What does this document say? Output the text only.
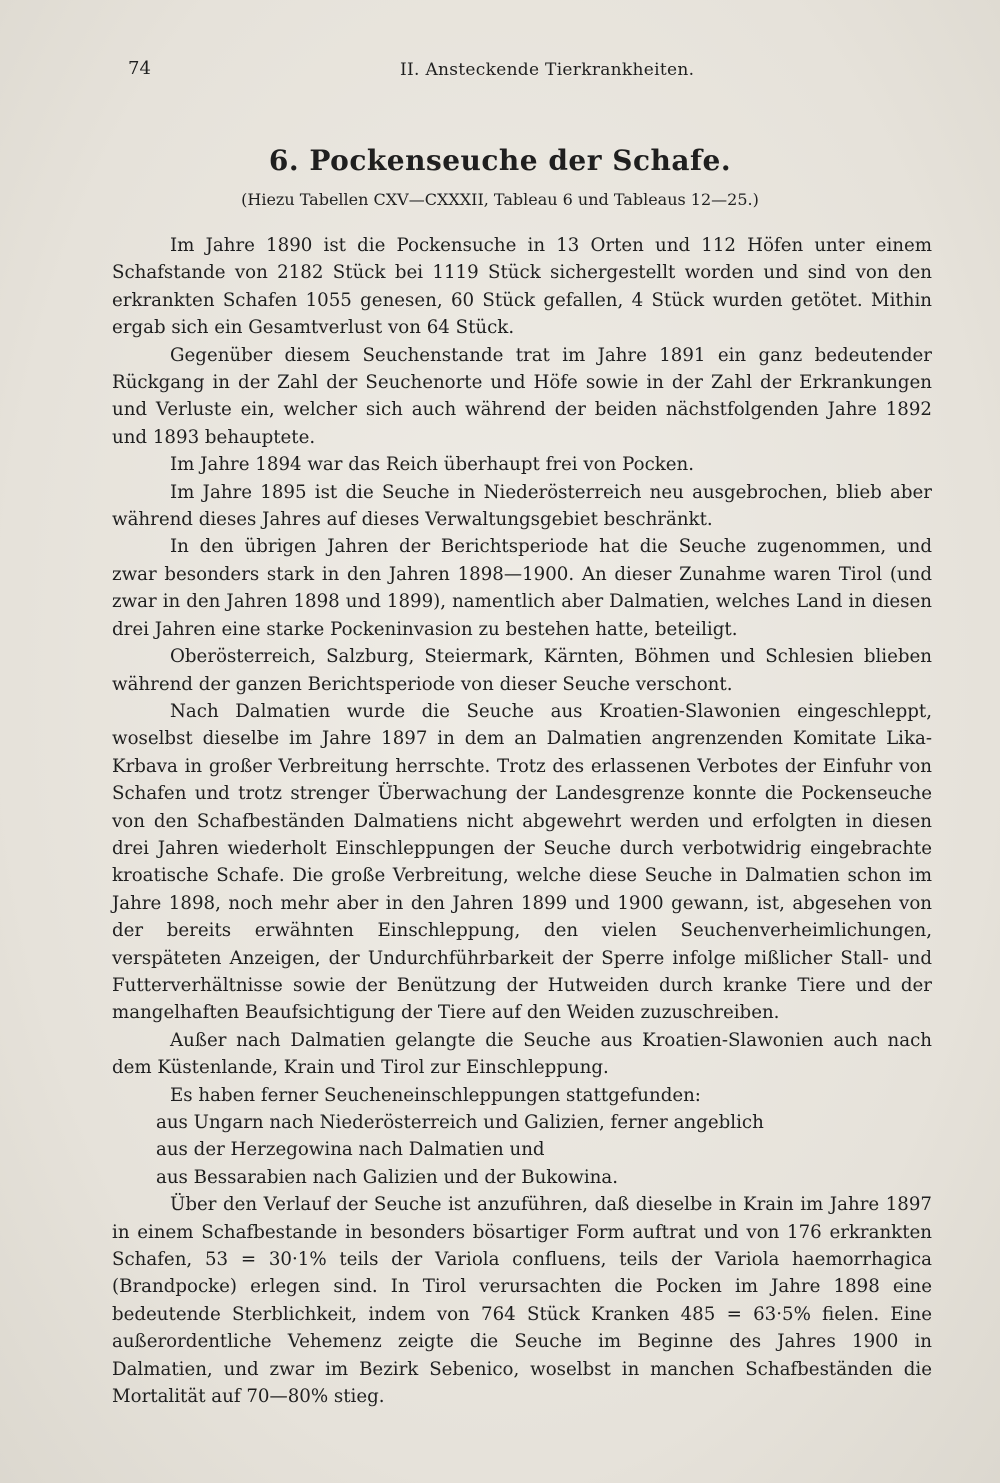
74	II. Ansteckende Tierkrankheiten.
6. Pockenseuche der Schafe.

(Hiezu Tabellen CXV—CXXXII, Tableau 6 und Tableaus 12—25.)

Im Jahre 1890 ist die Pockensuche in 13 Orten und 112 Höfen unter einem Schafstande von 2182 Stück bei 1119 Stück sichergestellt worden und sind von den erkrankten Schafen 1055 genesen, 60 Stück gefallen, 4 Stück wurden getötet. Mithin ergab sich ein Gesamtverlust von 64 Stück.

Gegenüber diesem Seuchenstande trat im Jahre 1891 ein ganz bedeutender Rückgang in der Zahl der Seuchenorte und Höfe sowie in der Zahl der Erkrankungen und Verluste ein, welcher sich auch während der beiden nächstfolgenden Jahre 1892 und 1893 behauptete.

Im Jahre 1894 war das Reich überhaupt frei von Pocken.

Im Jahre 1895 ist die Seuche in Niederösterreich neu ausgebrochen, blieb aber während dieses Jahres auf dieses Verwaltungsgebiet beschränkt.

In den übrigen Jahren der Berichtsperiode hat die Seuche zugenommen, und zwar besonders stark in den Jahren 1898—1900. An dieser Zunahme waren Tirol (und zwar in den Jahren 1898 und 1899), namentlich aber Dalmatien, welches Land in diesen drei Jahren eine starke Pockeninvasion zu bestehen hatte, beteiligt.

Oberösterreich, Salzburg, Steiermark, Kärnten, Böhmen und Schlesien blieben während der ganzen Berichtsperiode von dieser Seuche verschont.

Nach Dalmatien wurde die Seuche aus Kroatien-Slawonien eingeschleppt, woselbst dieselbe im Jahre 1897 in dem an Dalmatien angrenzenden Komitate Lika-Krbava in großer Verbreitung herrschte. Trotz des erlassenen Verbotes der Einfuhr von Schafen und trotz strenger Überwachung der Landesgrenze konnte die Pockenseuche von den Schafbeständen Dalmatiens nicht abgewehrt werden und erfolgten in diesen drei Jahren wiederholt Einschleppungen der Seuche durch verbotwidrig eingebrachte kroatische Schafe. Die große Verbreitung, welche diese Seuche in Dalmatien schon im Jahre 1898, noch mehr aber in den Jahren 1899 und 1900 gewann, ist, abgesehen von der bereits erwähnten Einschleppung, den vielen Seuchenverheimlichungen, verspäteten Anzeigen, der Undurchführbarkeit der Sperre infolge mißlicher Stall- und Futterverhältnisse sowie der Benützung der Hutweiden durch kranke Tiere und der mangelhaften Beaufsichtigung der Tiere auf den Weiden zuzuschreiben.

Außer nach Dalmatien gelangte die Seuche aus Kroatien-Slawonien auch nach dem Küstenlande, Krain und Tirol zur Einschleppung.

Es haben ferner Seucheneinschleppungen stattgefunden:

aus Ungarn nach Niederösterreich und Galizien, ferner angeblich

aus der Herzegowina nach Dalmatien und

aus Bessarabien nach Galizien und der Bukowina.

Über den Verlauf der Seuche ist anzuführen, daß dieselbe in Krain im Jahre 1897 in einem Schafbestande in besonders bösartiger Form auftrat und von 176 erkrankten Schafen, 53 = 30·1% teils der Variola confluens, teils der Variola haemorrhagica (Brandpocke) erlegen sind. In Tirol verursachten die Pocken im Jahre 1898 eine bedeutende Sterblichkeit, indem von 764 Stück Kranken 485 = 63·5% fielen. Eine außerordentliche Vehemenz zeigte die Seuche im Beginne des Jahres 1900 in Dalmatien, und zwar im Bezirk Sebenico, woselbst in manchen Schafbeständen die Mortalität auf 70—80% stieg.
